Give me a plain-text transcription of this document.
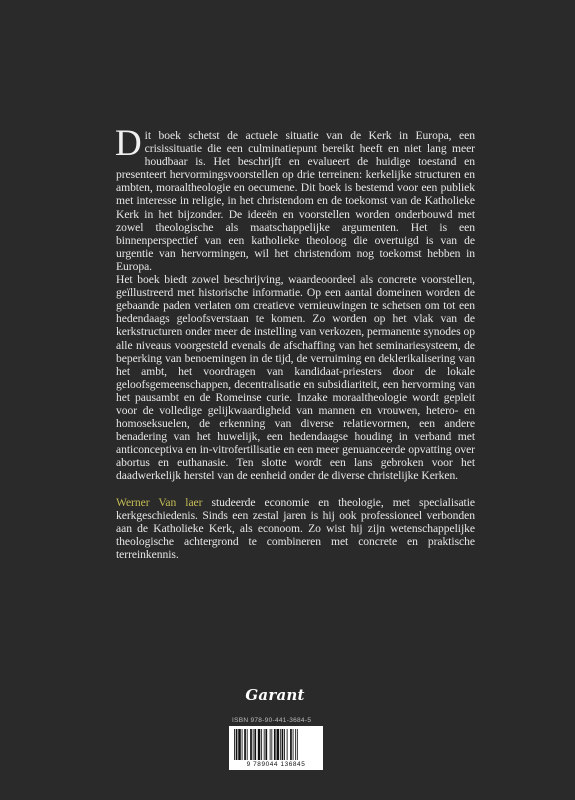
Dit boek schetst de actuele situatie van de Kerk in Europa, een crisissituatie die een culminatiepunt bereikt heeft en niet lang meer houdbaar is. Het beschrijft en evalueert de huidige toestand en presenteert hervormingsvoorstellen op drie terreinen: kerkelijke structuren en ambten, moraaltheologie en oecumene. Dit boek is bestemd voor een publiek met interesse in religie, in het christendom en de toekomst van de Katholieke Kerk in het bijzonder. De ideeën en voorstellen worden onderbouwd met zowel theologische als maatschappelijke argumenten. Het is een binnenperspectief van een katholieke theoloog die overtuigd is van de urgentie van hervormingen, wil het christendom nog toekomst hebben in Europa.

Het boek biedt zowel beschrijving, waardeoordeel als concrete voorstellen, geïllustreerd met historische informatie. Op een aantal domeinen worden de gebaande paden verlaten om creatieve vernieuwingen te schetsen om tot een hedendaags geloofsverstaan te komen. Zo worden op het vlak van de kerkstructuren onder meer de instelling van verkozen, permanente synodes op alle niveaus voorgesteld evenals de afschaffing van het seminariesysteem, de beperking van benoemingen in de tijd, de verruiming en deklerikalisering van het ambt, het voordragen van kandidaat-priesters door de lokale geloofsgemeenschappen, decentralisatie en subsidiariteit, een hervorming van het pausambt en de Romeinse curie. Inzake moraaltheologie wordt gepleit voor de volledige gelijkwaardigheid van mannen en vrouwen, hetero- en homoseksuelen, de erkenning van diverse relatievormen, een andere benadering van het huwelijk, een hedendaagse houding in verband met anticonceptiva en in-vitrofertilisatie en een meer genuanceerde opvatting over abortus en euthanasie. Ten slotte wordt een lans gebroken voor het daadwerkelijk herstel van de eenheid onder de diverse christelijke Kerken.

Werner Van laer studeerde economie en theologie, met specialisatie kerkgeschiedenis. Sinds een zestal jaren is hij ook professioneel verbonden aan de Katholieke Kerk, als econoom. Zo wist hij zijn wetenschappelijke theologische achtergrond te combineren met concrete en praktische terreinkennis.

Garant
ISBN 978-90-441-3684-5
9 789044 136845
